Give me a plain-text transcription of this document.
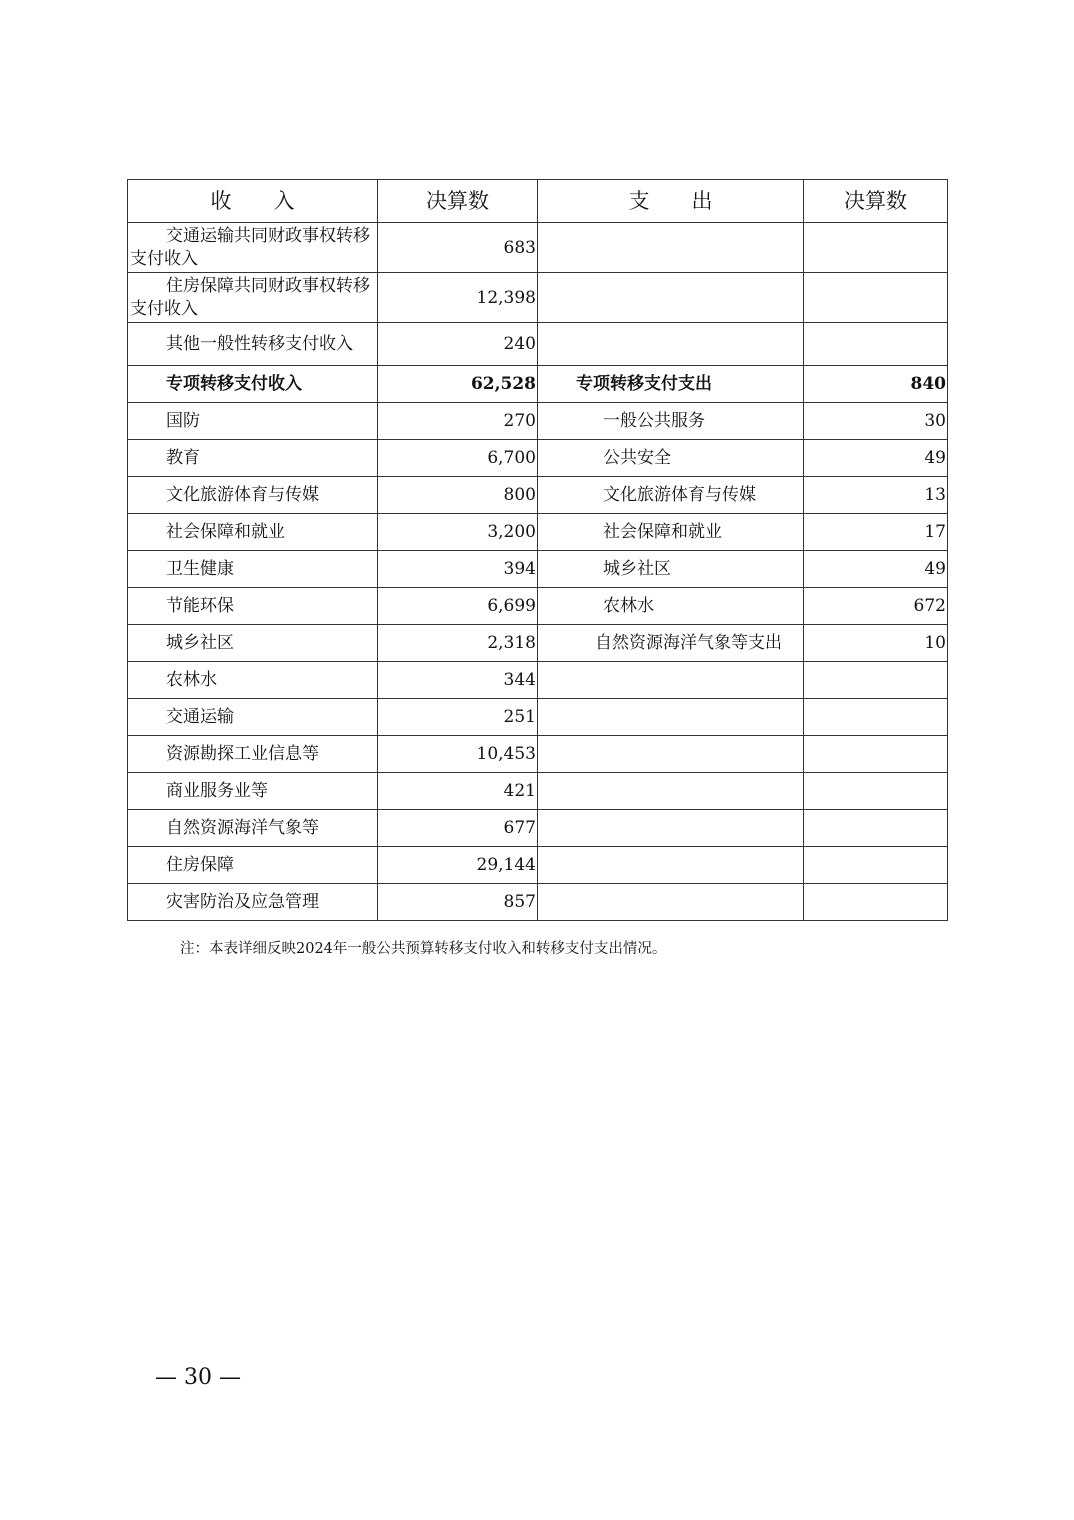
收　　入	决算数	支　　出	决算数
交通运输共同财政事权转移支付收入	683		
住房保障共同财政事权转移支付收入	12,398		
其他一般性转移支付收入	240		
专项转移支付收入	62,528	专项转移支付支出	840
国防	270	一般公共服务	30
教育	6,700	公共安全	49
文化旅游体育与传媒	800	文化旅游体育与传媒	13
社会保障和就业	3,200	社会保障和就业	17
卫生健康	394	城乡社区	49
节能环保	6,699	农林水	672
城乡社区	2,318	自然资源海洋气象等支出	10
农林水	344		
交通运输	251		
资源勘探工业信息等	10,453		
商业服务业等	421		
自然资源海洋气象等	677		
住房保障	29,144		
灾害防治及应急管理	857		
注：本表详细反映2024年一般公共预算转移支付收入和转移支付支出情况。
— 30 —
